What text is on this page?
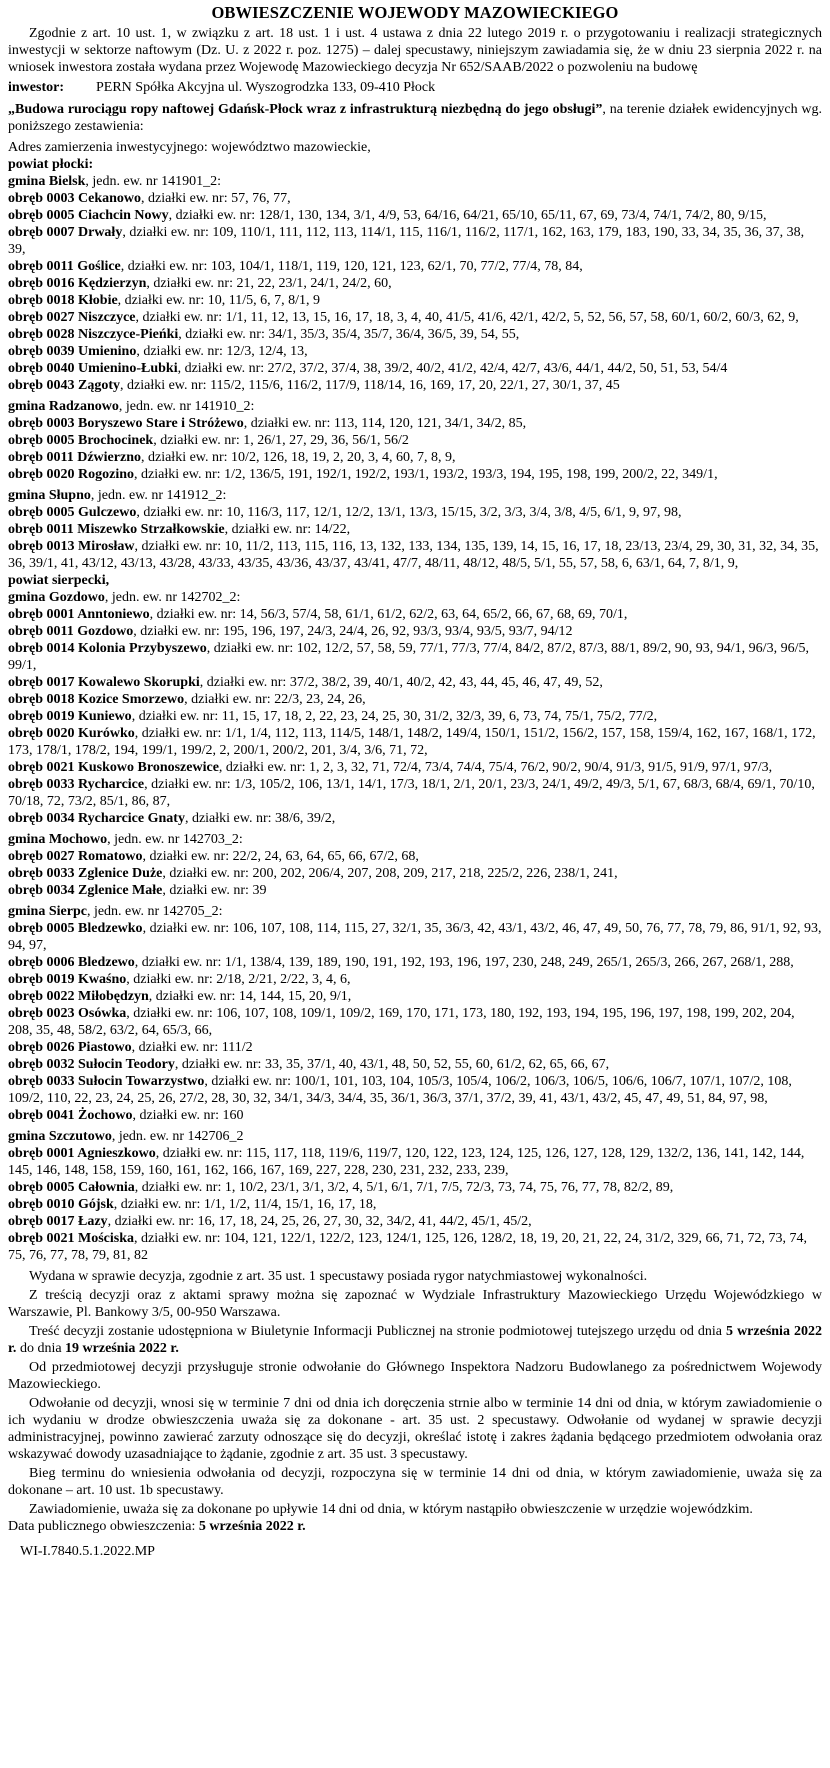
OBWIESZCZENIE WOJEWODY MAZOWIECKIEGO

Zgodnie z art. 10 ust. 1, w związku z art. 18 ust. 1 i ust. 4 ustawa z dnia 22 lutego 2019 r. o przygotowaniu i realizacji strategicznych inwestycji w sektorze naftowym (Dz. U. z 2022 r. poz. 1275) – dalej specustawy, niniejszym zawiadamia się, że w dniu 23 sierpnia 2022 r. na wniosek inwestora została wydana przez Wojewodę Mazowieckiego decyzja Nr 652/SAAB/2022 o pozwoleniu na budowę

inwestor: PERN Spółka Akcyjna ul. Wyszogrodzka 133, 09-410 Płock

„Budowa rurociągu ropy naftowej Gdańsk-Płock wraz z infrastrukturą niezbędną do jego obsługi”, na terenie działek ewidencyjnych wg. poniższego zestawienia:

Adres zamierzenia inwestycyjnego: województwo mazowieckie,
powiat płocki:
gmina Bielsk, jedn. ew. nr 141901_2:
obręb 0003 Cekanowo, działki ew. nr: 57, 76, 77,
obręb 0005 Ciachcin Nowy, działki ew. nr: 128/1, 130, 134, 3/1, 4/9, 53, 64/16, 64/21, 65/10, 65/11, 67, 69, 73/4, 74/1, 74/2, 80, 9/15,
obręb 0007 Drwały, działki ew. nr: 109, 110/1, 111, 112, 113, 114/1, 115, 116/1, 116/2, 117/1, 162, 163, 179, 183, 190, 33, 34, 35, 36, 37, 38, 39,
obręb 0011 Goślice, działki ew. nr: 103, 104/1, 118/1, 119, 120, 121, 123, 62/1, 70, 77/2, 77/4, 78, 84,
obręb 0016 Kędzierzyn, działki ew. nr: 21, 22, 23/1, 24/1, 24/2, 60,
obręb 0018 Kłobie, działki ew. nr: 10, 11/5, 6, 7, 8/1, 9
obręb 0027 Niszczyce, działki ew. nr: 1/1, 11, 12, 13, 15, 16, 17, 18, 3, 4, 40, 41/5, 41/6, 42/1, 42/2, 5, 52, 56, 57, 58, 60/1, 60/2, 60/3, 62, 9,
obręb 0028 Niszczyce-Pieńki, działki ew. nr: 34/1, 35/3, 35/4, 35/7, 36/4, 36/5, 39, 54, 55,
obręb 0039 Umienino, działki ew. nr: 12/3, 12/4, 13,
obręb 0040 Umienino-Łubki, działki ew. nr: 27/2, 37/2, 37/4, 38, 39/2, 40/2, 41/2, 42/4, 42/7, 43/6, 44/1, 44/2, 50, 51, 53, 54/4
obręb 0043 Zągoty, działki ew. nr: 115/2, 115/6, 116/2, 117/9, 118/14, 16, 169, 17, 20, 22/1, 27, 30/1, 37, 45
gmina Radzanowo, jedn. ew. nr 141910_2:
obręb 0003 Boryszewo Stare i Stróżewo, działki ew. nr: 113, 114, 120, 121, 34/1, 34/2, 85,
obręb 0005 Brochocinek, działki ew. nr: 1, 26/1, 27, 29, 36, 56/1, 56/2
obręb 0011 Dźwierzno, działki ew. nr: 10/2, 126, 18, 19, 2, 20, 3, 4, 60, 7, 8, 9,
obręb 0020 Rogozino, działki ew. nr: 1/2, 136/5, 191, 192/1, 192/2, 193/1, 193/2, 193/3, 194, 195, 198, 199, 200/2, 22, 349/1,
gmina Słupno, jedn. ew. nr 141912_2:
obręb 0005 Gulczewo, działki ew. nr: 10, 116/3, 117, 12/1, 12/2, 13/1, 13/3, 15/15, 3/2, 3/3, 3/4, 3/8, 4/5, 6/1, 9, 97, 98,
obręb 0011 Miszewko Strzałkowskie, działki ew. nr: 14/22,
obręb 0013 Mirosław, działki ew. nr: 10, 11/2, 113, 115, 116, 13, 132, 133, 134, 135, 139, 14, 15, 16, 17, 18, 23/13, 23/4, 29, 30, 31, 32, 34, 35, 36, 39/1, 41, 43/12, 43/13, 43/28, 43/33, 43/35, 43/36, 43/37, 43/41, 47/7, 48/11, 48/12, 48/5, 5/1, 55, 57, 58, 6, 63/1, 64, 7, 8/1, 9,
powiat sierpecki,
gmina Gozdowo, jedn. ew. nr 142702_2:
obręb 0001 Anntoniewo, działki ew. nr: 14, 56/3, 57/4, 58, 61/1, 61/2, 62/2, 63, 64, 65/2, 66, 67, 68, 69, 70/1,
obręb 0011 Gozdowo, działki ew. nr: 195, 196, 197, 24/3, 24/4, 26, 92, 93/3, 93/4, 93/5, 93/7, 94/12
obręb 0014 Kolonia Przybyszewo, działki ew. nr: 102, 12/2, 57, 58, 59, 77/1, 77/3, 77/4, 84/2, 87/2, 87/3, 88/1, 89/2, 90, 93, 94/1, 96/3, 96/5, 99/1,
obręb 0017 Kowalewo Skorupki, działki ew. nr: 37/2, 38/2, 39, 40/1, 40/2, 42, 43, 44, 45, 46, 47, 49, 52,
obręb 0018 Kozice Smorzewo, działki ew. nr: 22/3, 23, 24, 26,
obręb 0019 Kuniewo, działki ew. nr: 11, 15, 17, 18, 2, 22, 23, 24, 25, 30, 31/2, 32/3, 39, 6, 73, 74, 75/1, 75/2, 77/2,
obręb 0020 Kurówko, działki ew. nr: 1/1, 1/4, 112, 113, 114/5, 148/1, 148/2, 149/4, 150/1, 151/2, 156/2, 157, 158, 159/4, 162, 167, 168/1, 172, 173, 178/1, 178/2, 194, 199/1, 199/2, 2, 200/1, 200/2, 201, 3/4, 3/6, 71, 72,
obręb 0021 Kuskowo Bronoszewice, działki ew. nr: 1, 2, 3, 32, 71, 72/4, 73/4, 74/4, 75/4, 76/2, 90/2, 90/4, 91/3, 91/5, 91/9, 97/1, 97/3,
obręb 0033 Rycharcice, działki ew. nr: 1/3, 105/2, 106, 13/1, 14/1, 17/3, 18/1, 2/1, 20/1, 23/3, 24/1, 49/2, 49/3, 5/1, 67, 68/3, 68/4, 69/1, 70/10, 70/18, 72, 73/2, 85/1, 86, 87,
obręb 0034 Rycharcice Gnaty, działki ew. nr: 38/6, 39/2,
gmina Mochowo, jedn. ew. nr 142703_2:
obręb 0027 Romatowo, działki ew. nr: 22/2, 24, 63, 64, 65, 66, 67/2, 68,
obręb 0033 Zglenice Duże, działki ew. nr: 200, 202, 206/4, 207, 208, 209, 217, 218, 225/2, 226, 238/1, 241,
obręb 0034 Zglenice Małe, działki ew. nr: 39
gmina Sierpc, jedn. ew. nr 142705_2:
obręb 0005 Bledzewko, działki ew. nr: 106, 107, 108, 114, 115, 27, 32/1, 35, 36/3, 42, 43/1, 43/2, 46, 47, 49, 50, 76, 77, 78, 79, 86, 91/1, 92, 93, 94, 97,
obręb 0006 Bledzewo, działki ew. nr: 1/1, 138/4, 139, 189, 190, 191, 192, 193, 196, 197, 230, 248, 249, 265/1, 265/3, 266, 267, 268/1, 288,
obręb 0019 Kwaśno, działki ew. nr: 2/18, 2/21, 2/22, 3, 4, 6,
obręb 0022 Miłobędzyn, działki ew. nr: 14, 144, 15, 20, 9/1,
obręb 0023 Osówka, działki ew. nr: 106, 107, 108, 109/1, 109/2, 169, 170, 171, 173, 180, 192, 193, 194, 195, 196, 197, 198, 199, 202, 204, 208, 35, 48, 58/2, 63/2, 64, 65/3, 66,
obręb 0026 Piastowo, działki ew. nr: 111/2
obręb 0032 Sułocin Teodory, działki ew. nr: 33, 35, 37/1, 40, 43/1, 48, 50, 52, 55, 60, 61/2, 62, 65, 66, 67,
obręb 0033 Sułocin Towarzystwo, działki ew. nr: 100/1, 101, 103, 104, 105/3, 105/4, 106/2, 106/3, 106/5, 106/6, 106/7, 107/1, 107/2, 108, 109/2, 110, 22, 23, 24, 25, 26, 27/2, 28, 30, 32, 34/1, 34/3, 34/4, 35, 36/1, 36/3, 37/1, 37/2, 39, 41, 43/1, 43/2, 45, 47, 49, 51, 84, 97, 98,
obręb 0041 Żochowo, działki ew. nr: 160
gmina Szczutowo, jedn. ew. nr 142706_2
obręb 0001 Agnieszkowo, działki ew. nr: 115, 117, 118, 119/6, 119/7, 120, 122, 123, 124, 125, 126, 127, 128, 129, 132/2, 136, 141, 142, 144, 145, 146, 148, 158, 159, 160, 161, 162, 166, 167, 169, 227, 228, 230, 231, 232, 233, 239,
obręb 0005 Całownia, działki ew. nr: 1, 10/2, 23/1, 3/1, 3/2, 4, 5/1, 6/1, 7/1, 7/5, 72/3, 73, 74, 75, 76, 77, 78, 82/2, 89,
obręb 0010 Gójsk, działki ew. nr: 1/1, 1/2, 11/4, 15/1, 16, 17, 18,
obręb 0017 Łazy, działki ew. nr: 16, 17, 18, 24, 25, 26, 27, 30, 32, 34/2, 41, 44/2, 45/1, 45/2,
obręb 0021 Mościska, działki ew. nr: 104, 121, 122/1, 122/2, 123, 124/1, 125, 126, 128/2, 18, 19, 20, 21, 22, 24, 31/2, 329, 66, 71, 72, 73, 74, 75, 76, 77, 78, 79, 81, 82

Wydana w sprawie decyzja, zgodnie z art. 35 ust. 1 specustawy posiada rygor natychmiastowej wykonalności.

Z treścią decyzji oraz z aktami sprawy można się zapoznać w Wydziale Infrastruktury Mazowieckiego Urzędu Wojewódzkiego w Warszawie, Pl. Bankowy 3/5, 00-950 Warszawa.

Treść decyzji zostanie udostępniona w Biuletynie Informacji Publicznej na stronie podmiotowej tutejszego urzędu od dnia 5 września 2022 r. do dnia 19 września 2022 r.

Od przedmiotowej decyzji przysługuje stronie odwołanie do Głównego Inspektora Nadzoru Budowlanego za pośrednictwem Wojewody Mazowieckiego.

Odwołanie od decyzji, wnosi się w terminie 7 dni od dnia ich doręczenia strnie albo w terminie 14 dni od dnia, w którym zawiadomienie o ich wydaniu w drodze obwieszczenia uważa się za dokonane - art. 35 ust. 2 specustawy. Odwołanie od wydanej w sprawie decyzji administracyjnej, powinno zawierać zarzuty odnoszące się do decyzji, określać istotę i zakres żądania będącego przedmiotem odwołania oraz wskazywać dowody uzasadniające to żądanie, zgodnie z art. 35 ust. 3 specustawy.

Bieg terminu do wniesienia odwołania od decyzji, rozpoczyna się w terminie 14 dni od dnia, w którym zawiadomienie, uważa się za dokonane – art. 10 ust. 1b specustawy.

Zawiadomienie, uważa się za dokonane po upływie 14 dni od dnia, w którym nastąpiło obwieszczenie w urzędzie wojewódzkim.

Data publicznego obwieszczenia: 5 września 2022 r.

WI-I.7840.5.1.2022.MP
